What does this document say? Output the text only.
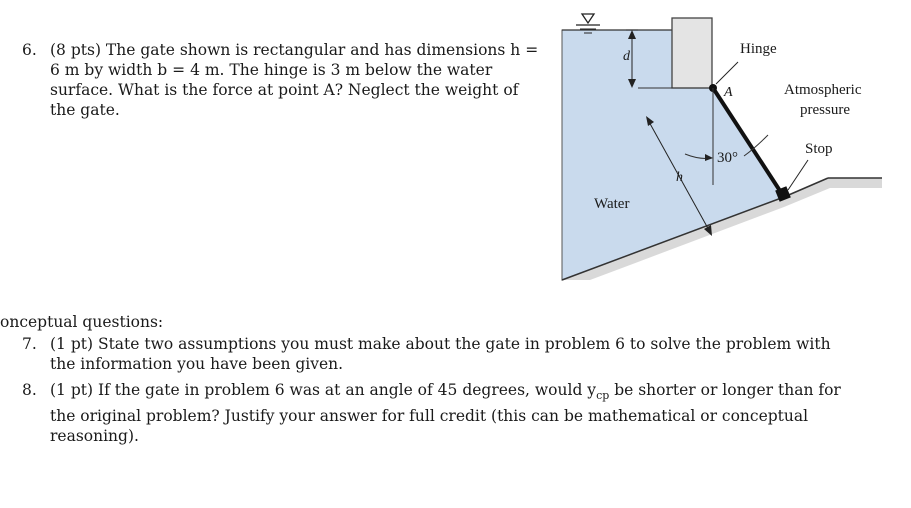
6. (8 pts) The gate shown is rectangular and has dimensions h = 6 m by width b = 4 m. The hinge is 3 m below the water surface. What is the force at point A? Neglect the weight of the gate.
d
30°
h
Hinge
A	Atmospheric
pressure
Stop
Water
onceptual questions:
7. (1 pt) State two assumptions you must make about the gate in problem 6 to solve the problem with the information you have been given.
8. (1 pt) If the gate in problem 6 was at an angle of 45 degrees, would $y_{cp}$ be shorter or longer than for the original problem? Justify your answer for full credit (this can be mathematical or conceptual reasoning).
